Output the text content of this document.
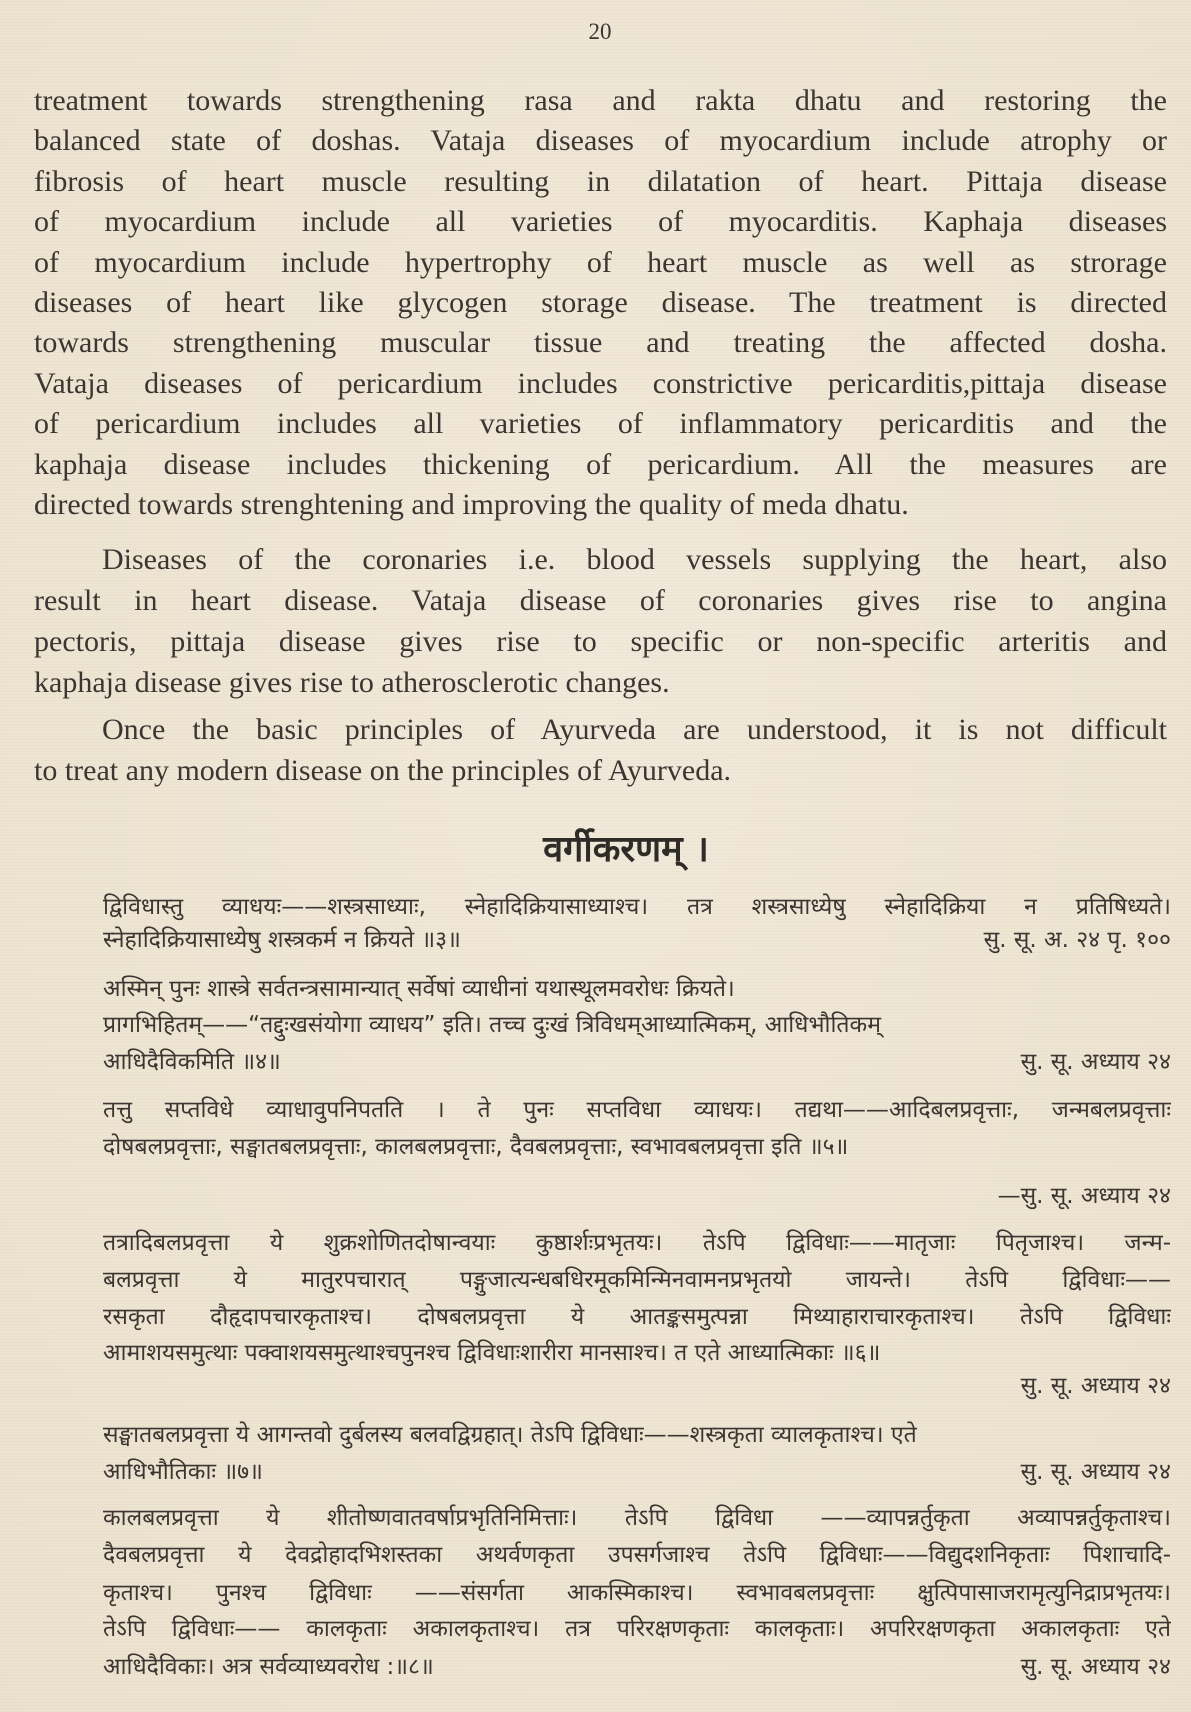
20
treatment towards strengthening rasa and rakta dhatu and restoring the
balanced state of doshas. Vataja diseases of myocardium include atrophy or
fibrosis of heart muscle resulting in dilatation of heart. Pittaja disease
of myocardium include all varieties of myocarditis. Kaphaja diseases
of myocardium include hypertrophy of heart muscle as well as strorage
diseases of heart like glycogen storage disease. The treatment is directed
towards strengthening muscular tissue and treating the affected dosha.
Vataja diseases of pericardium includes constrictive pericarditis,pittaja disease
of pericardium includes all varieties of inflammatory pericarditis and the
kaphaja disease includes thickening of pericardium. All the measures are
directed towards strenghtening and improving the quality of meda dhatu.
Diseases of the coronaries i.e. blood vessels supplying the heart, also
result in heart disease. Vataja disease of coronaries gives rise to angina
pectoris, pittaja disease gives rise to specific or non-specific arteritis and
kaphaja disease gives rise to atherosclerotic changes.
Once the basic principles of Ayurveda are understood, it is not difficult
to treat any modern disease on the principles of Ayurveda.
वर्गीकरणम् ।
द्विविधास्तु व्याधयः——शस्त्रसाध्याः, स्नेहादिक्रियासाध्याश्च। तत्र शस्त्रसाध्येषु स्नेहादिक्रिया न प्रतिषिध्यते।
स्नेहादिक्रियासाध्येषु शस्त्रकर्म न क्रियते ॥३॥	सु. सू. अ. २४ पृ. १००
अस्मिन् पुनः शास्त्रे सर्वतन्त्रसामान्यात् सर्वेषां व्याधीनां यथास्थूलमवरोधः क्रियते।
प्रागभिहितम्——“तद्दुःखसंयोगा व्याधय” इति। तच्च दुःखं त्रिविधम्आध्यात्मिकम्, आधिभौतिकम्
आधिदैविकमिति ॥४॥	सु. सू. अध्याय २४
तत्तु सप्तविधे व्याधावुपनिपतति । ते पुनः सप्तविधा व्याधयः। तद्यथा——आदिबलप्रवृत्ताः, जन्मबलप्रवृत्ताः
दोषबलप्रवृत्ताः, सङ्घातबलप्रवृत्ताः, कालबलप्रवृत्ताः, दैवबलप्रवृत्ताः, स्वभावबलप्रवृत्ता इति ॥५॥
—सु. सू. अध्याय २४
तत्रादिबलप्रवृत्ता ये शुक्रशोणितदोषान्वयाः कुष्ठार्शःप्रभृतयः। तेऽपि द्विविधाः——मातृजाः पितृजाश्च। जन्म-
बलप्रवृत्ता ये मातुरपचारात् पङ्गुजात्यन्धबधिरमूकमिन्मिनवामनप्रभृतयो जायन्ते। तेऽपि द्विविधाः——
रसकृता दौहृदापचारकृताश्च। दोषबलप्रवृत्ता ये आतङ्कसमुत्पन्ना मिथ्याहाराचारकृताश्च। तेऽपि द्विविधाः
आमाशयसमुत्थाः पक्वाशयसमुत्थाश्चपुनश्च द्विविधाःशारीरा मानसाश्च। त एते आध्यात्मिकाः ॥६॥
सु. सू. अध्याय २४
सङ्घातबलप्रवृत्ता ये आगन्तवो दुर्बलस्य बलवद्विग्रहात्। तेऽपि द्विविधाः——शस्त्रकृता व्यालकृताश्च। एते
आधिभौतिकाः ॥७॥	सु. सू. अध्याय २४
कालबलप्रवृत्ता ये शीतोष्णवातवर्षाप्रभृतिनिमित्ताः। तेऽपि द्विविधा ——व्यापन्नर्तुकृता अव्यापन्नर्तुकृताश्च।
दैवबलप्रवृत्ता ये देवद्रोहादभिशस्तका अथर्वणकृता उपसर्गजाश्च तेऽपि द्विविधाः——विद्युदशनिकृताः पिशाचादि-
कृताश्च। पुनश्च द्विविधाः ——संसर्गता आकस्मिकाश्च। स्वभावबलप्रवृत्ताः क्षुत्पिपासाजरामृत्युनिद्राप्रभृतयः।
तेऽपि द्विविधाः—— कालकृताः अकालकृताश्च। तत्र परिरक्षणकृताः कालकृताः। अपरिरक्षणकृता अकालकृताः एते
आधिदैविकाः। अत्र सर्वव्याध्यवरोध :॥८॥	सु. सू. अध्याय २४
